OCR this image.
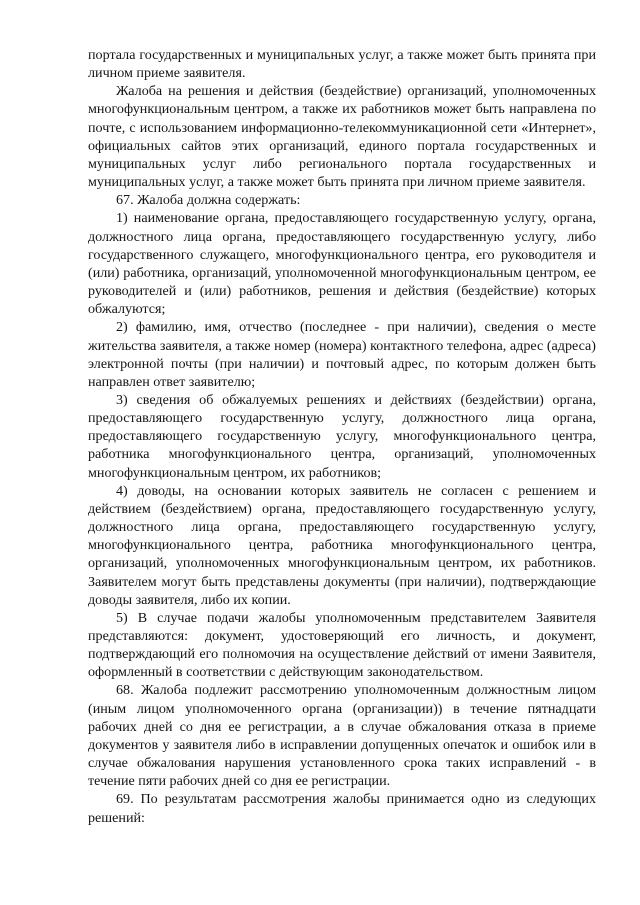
портала государственных и муниципальных услуг, а также может быть принята при личном приеме заявителя.

Жалоба на решения и действия (бездействие) организаций, уполномоченных многофункциональным центром, а также их работников может быть направлена по почте, с использованием информационно-телекоммуникационной сети «Интернет», официальных сайтов этих организаций, единого портала государственных и муниципальных услуг либо регионального портала государственных и муниципальных услуг, а также может быть принята при личном приеме заявителя.

67. Жалоба должна содержать:

1) наименование органа, предоставляющего государственную услугу, органа, должностного лица органа, предоставляющего государственную услугу, либо государственного служащего, многофункционального центра, его руководителя и (или) работника, организаций, уполномоченной многофункциональным центром, ее руководителей и (или) работников, решения и действия (бездействие) которых обжалуются;

2) фамилию, имя, отчество (последнее - при наличии), сведения о месте жительства заявителя, а также номер (номера) контактного телефона, адрес (адреса) электронной почты (при наличии) и почтовый адрес, по которым должен быть направлен ответ заявителю;

3) сведения об обжалуемых решениях и действиях (бездействии) органа, предоставляющего государственную услугу, должностного лица органа, предоставляющего государственную услугу, многофункционального центра, работника многофункционального центра, организаций, уполномоченных многофункциональным центром, их работников;

4) доводы, на основании которых заявитель не согласен с решением и действием (бездействием) органа, предоставляющего государственную услугу, должностного лица органа, предоставляющего государственную услугу, многофункционального центра, работника многофункционального центра, организаций, уполномоченных многофункциональным центром, их работников. Заявителем могут быть представлены документы (при наличии), подтверждающие доводы заявителя, либо их копии.

5) В случае подачи жалобы уполномоченным представителем Заявителя представляются: документ, удостоверяющий его личность, и документ, подтверждающий его полномочия на осуществление действий от имени Заявителя, оформленный в соответствии с действующим законодательством.

68. Жалоба подлежит рассмотрению уполномоченным должностным лицом (иным лицом уполномоченного органа (организации)) в течение пятнадцати рабочих дней со дня ее регистрации, а в случае обжалования отказа в приеме документов у заявителя либо в исправлении допущенных опечаток и ошибок или в случае обжалования нарушения установленного срока таких исправлений - в течение пяти рабочих дней со дня ее регистрации.

69. По результатам рассмотрения жалобы принимается одно из следующих решений:
